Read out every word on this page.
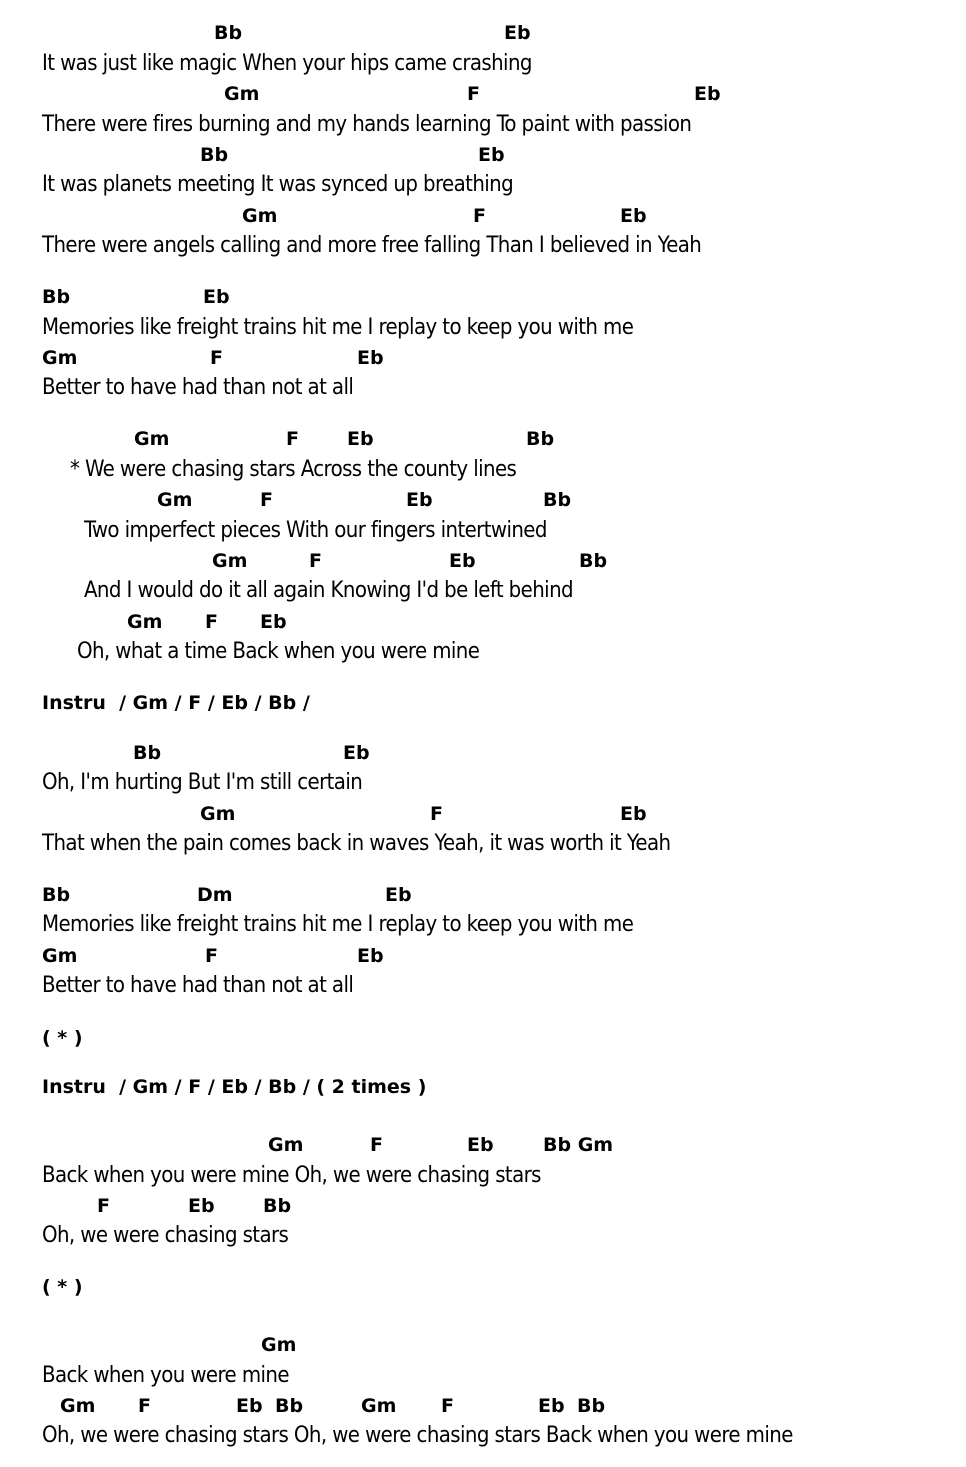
Bb	Eb
It was just like magic When your hips came crashing
Gm	F	Eb
There were fires burning and my hands learning To paint with passion
Bb	Eb
It was planets meeting It was synced up breathing
Gm	F	Eb
There were angels calling and more free falling Than I believed in Yeah
Bb	Eb
Memories like freight trains hit me I replay to keep you with me
Gm	F	Eb
Better to have had than not at all
Gm	F	Eb	Bb
* We were chasing stars Across the county lines
Gm	F	Eb	Bb
Two imperfect pieces With our fingers intertwined
Gm	F	Eb	Bb
And I would do it all again Knowing I'd be left behind
Gm F Eb
Oh, what a time Back when you were mine
Instru  / Gm / F / Eb / Bb /
Bb	Eb
Oh, I'm hurting But I'm still certain
Gm	F	Eb
That when the pain comes back in waves Yeah, it was worth it Yeah
Bb	Dm	Eb
Memories like freight trains hit me I replay to keep you with me
Gm	F	Eb
Better to have had than not at all
( * )
Instru  / Gm / F / Eb / Bb / ( 2 times )
Gm	F	Eb	Bb Gm
Back when you were mine Oh, we were chasing stars
F	Eb	Bb
Oh, we were chasing stars
( * )
Gm
Back when you were mine
Gm F	Eb Bb	Gm F	Eb Bb
Oh, we were chasing stars Oh, we were chasing stars Back when you were mine
